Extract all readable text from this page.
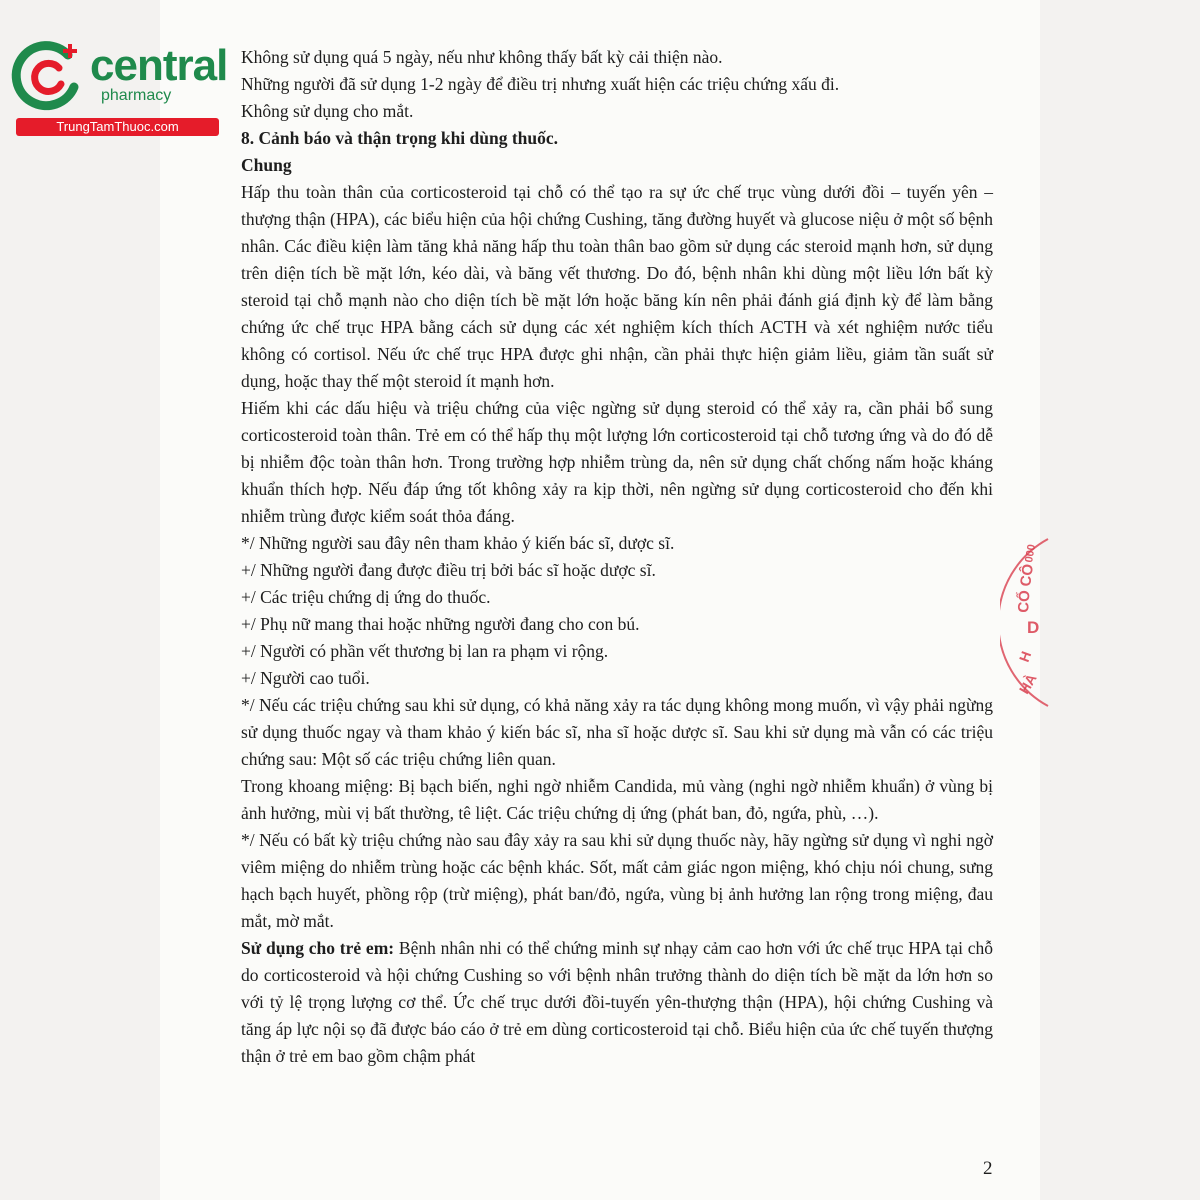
central
pharmacy
TrungTamThuoc.com

Không sử dụng quá 5 ngày, nếu như không thấy bất kỳ cải thiện nào.

Những người đã sử dụng 1-2 ngày để điều trị nhưng xuất hiện các triệu chứng xấu đi.

Không sử dụng cho mắt.

8. Cảnh báo và thận trọng khi dùng thuốc.

Chung

Hấp thu toàn thân của corticosteroid tại chỗ có thể tạo ra sự ức chế trục vùng dưới đồi – tuyến yên – thượng thận (HPA), các biểu hiện của hội chứng Cushing, tăng đường huyết và glucose niệu ở một số bệnh nhân. Các điều kiện làm tăng khả năng hấp thu toàn thân bao gồm sử dụng các steroid mạnh hơn, sử dụng trên diện tích bề mặt lớn, kéo dài, và băng vết thương. Do đó, bệnh nhân khi dùng một liều lớn bất kỳ steroid tại chỗ mạnh nào cho diện tích bề mặt lớn hoặc băng kín nên phải đánh giá định kỳ để làm bằng chứng ức chế trục HPA bằng cách sử dụng các xét nghiệm kích thích ACTH và xét nghiệm nước tiểu không có cortisol. Nếu ức chế trục HPA được ghi nhận, cần phải thực hiện giảm liều, giảm tần suất sử dụng, hoặc thay thế một steroid ít mạnh hơn.

Hiếm khi các dấu hiệu và triệu chứng của việc ngừng sử dụng steroid có thể xảy ra, cần phải bổ sung corticosteroid toàn thân. Trẻ em có thể hấp thụ một lượng lớn corticosteroid tại chỗ tương ứng và do đó dễ bị nhiễm độc toàn thân hơn. Trong trường hợp nhiễm trùng da, nên sử dụng chất chống nấm hoặc kháng khuẩn thích hợp. Nếu đáp ứng tốt không xảy ra kịp thời, nên ngừng sử dụng corticosteroid cho đến khi nhiễm trùng được kiểm soát thỏa đáng.

*/ Những người sau đây nên tham khảo ý kiến bác sĩ, dược sĩ.

+/ Những người đang được điều trị bởi bác sĩ hoặc dược sĩ.

+/ Các triệu chứng dị ứng do thuốc.

+/ Phụ nữ mang thai hoặc những người đang cho con bú.

+/ Người có phần vết thương bị lan ra phạm vi rộng.

+/ Người cao tuổi.

*/ Nếu các triệu chứng sau khi sử dụng, có khả năng xảy ra tác dụng không mong muốn, vì vậy phải ngừng sử dụng thuốc ngay và tham khảo ý kiến bác sĩ, nha sĩ hoặc dược sĩ. Sau khi sử dụng mà vẫn có các triệu chứng sau: Một số các triệu chứng liên quan.

Trong khoang miệng: Bị bạch biến, nghi ngờ nhiễm Candida, mủ vàng (nghi ngờ nhiễm khuẩn) ở vùng bị ảnh hưởng, mùi vị bất thường, tê liệt. Các triệu chứng dị ứng (phát ban, đỏ, ngứa, phù, …).

*/ Nếu có bất kỳ triệu chứng nào sau đây xảy ra sau khi sử dụng thuốc này, hãy ngừng sử dụng vì nghi ngờ viêm miệng do nhiễm trùng hoặc các bệnh khác. Sốt, mất cảm giác ngon miệng, khó chịu nói chung, sưng hạch bạch huyết, phồng rộp (trừ miệng), phát ban/đỏ, ngứa, vùng bị ảnh hưởng lan rộng trong miệng, đau mắt, mờ mắt.

Sử dụng cho trẻ em: Bệnh nhân nhi có thể chứng minh sự nhạy cảm cao hơn với ức chế trục HPA tại chỗ do corticosteroid và hội chứng Cushing so với bệnh nhân trưởng thành do diện tích bề mặt da lớn hơn so với tỷ lệ trọng lượng cơ thể. Ức chế trục dưới đồi-tuyến yên-thượng thận (HPA), hội chứng Cushing và tăng áp lực nội sọ đã được báo cáo ở trẻ em dùng corticosteroid tại chỗ. Biểu hiện của ức chế tuyến thượng thận ở trẻ em bao gồm chậm phát

2
000
CÔ
CỔ
D
H
HÀ
